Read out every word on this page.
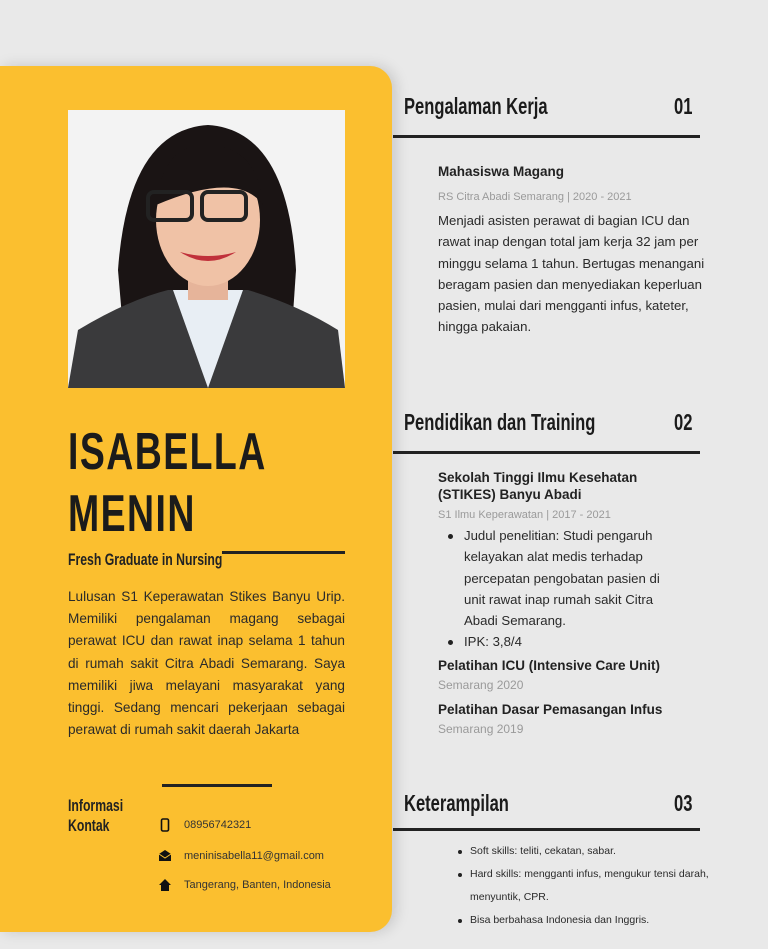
ISABELLA
MENIN
Fresh Graduate in Nursing

Lulusan S1 Keperawatan Stikes Banyu Urip. Memiliki pengalaman magang sebagai perawat ICU dan rawat inap selama 1 tahun di rumah sakit Citra Abadi Semarang. Saya memiliki jiwa melayani masyarakat yang tinggi. Sedang mencari pekerjaan sebagai perawat di rumah sakit daerah Jakarta

Informasi
Kontak	08956742321
meninisabella11@gmail.com
Tangerang, Banten, Indonesia
Pengalaman Kerja	01
Mahasiswa Magang
RS Citra Abadi Semarang | 2020 - 2021

Menjadi asisten perawat di bagian ICU dan rawat inap dengan total jam kerja 32 jam per minggu selama 1 tahun. Bertugas menangani beragam pasien dan menyediakan keperluan pasien, mulai dari mengganti infus, kateter, hingga pakaian.

Pendidikan dan Training	02
Sekolah Tinggi Ilmu Kesehatan (STIKES) Banyu Abadi
S1 Ilmu Keperawatan | 2017 - 2021
Judul penelitian: Studi pengaruh kelayakan alat medis terhadap percepatan pengobatan pasien di unit rawat inap rumah sakit Citra Abadi Semarang.
IPK: 3,8/4
Pelatihan ICU (Intensive Care Unit)
Semarang 2020
Pelatihan Dasar Pemasangan Infus
Semarang 2019
Keterampilan	03
Soft skills: teliti, cekatan, sabar.
Hard skills: mengganti infus, mengukur tensi darah, menyuntik, CPR.
Bisa berbahasa Indonesia dan Inggris.
